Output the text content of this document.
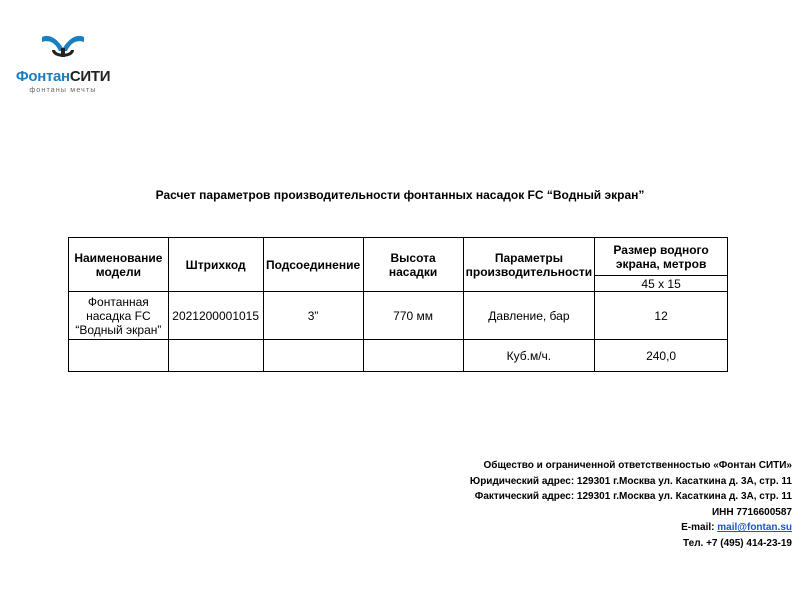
ФонтанСИТИ
фонтаны мечты
Расчет параметров производительности фонтанных насадок FC “Водный экран”
Наименование модели	Штрихкод	Подсоединение	Высота насадки	Параметры производительности	Размер водного экрана, метров
					45 x 15
Фонтанная насадка FC “Водный экран”	2021200001015	3”	770 мм	Давление, бар	12
				Куб.м/ч.	240,0
Общество и ограниченной ответственностью «Фонтан СИТИ»
Юридический адрес: 129301 г.Москва ул. Касаткина д. 3А, стр. 11
Фактический адрес: 129301 г.Москва ул. Касаткина д. 3А, стр. 11
ИНН 7716600587
E-mail: mail@fontan.su
Тел. +7 (495) 414-23-19
